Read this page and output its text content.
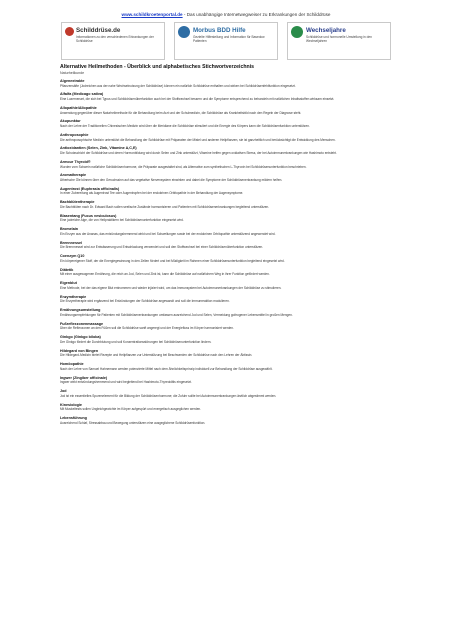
www.schildkroetenportal.de - Das unabhängige Internetwegweiser zu Erkrankungen der Schilddrüse
Schilddrüse.de
Informationen zu den verschiedenen Erkrankungen der Schilddrüse
Morbus BDD Hilfe
Gezielte Hilfestellung und Information für Basedow Patienten
Wechseljahre
Schilddrüse und hormonelle Umstellung in den Wechseljahren
Alternative Heilmethoden - Überblick und alphabetisches Stichwortverzeichnis
Naturheilkunde
Algenextrakte
Pflanzensäfte (Jodreichen aus der nahe Wechselnutzung der Schilddrüse) können ein natürlich Schilddrüse enthalten und wirken bei Schilddrüsenfehlfunktion eingesetzt.
Alfalfa (Medicago sativa)
Eine Luzernenart, die sich bei Typus und Schilddrüsenüberfunktion auch bei der Stoffwechsel bessern und die Symptome entsprechend zu behandeln mit natürlichen Inhaltsstoffen wirksam einsetzt.
Allopathie/Allopathie
Anwendung gegenüber dieser Naturheilmethode für die Behandlung beim Arzt und der Schulmedizin, die Schilddrüse als Krankheitsbild nach den Regeln der Diagnose steht.
Akupunktur
Nach der Lehre der Traditionellen Chinesischen Medizin wird über die Meridiane die Schilddrüse stimuliert und die Energie des Körpers kann die Schilddrüsenfunktion unterstützen.
Anthroposophie
Die anthroposophische Medizin unterstützt die Behandlung der Schilddrüse mit Präparaten der Mistel und anderen Heilpflanzen, sie ist ganzheitlich und berücksichtigt die Entwicklung des Menschen.
Antioxidantien (Selen, Zink, Vitamine A,C,E)
Die Schutzschicht der Schilddrüse und deren Hormonbildung wird durch Selen und Zink unterstützt, Vitamine helfen gegen oxidativen Stress, der bei Autoimmunerkrankungen wie Hashimoto entsteht.
Armour Thyroid®
Wurden vom Schwein natürliche Schilddrüsenhormone, die Präparate ausgestaltet sind, als Alternative zum synthetischen L-Thyroxin bei Schilddrüsenunterfunktion beschrieben.
Aromatherapie
Ätherische Öle können über den Geruchssinn auf das vegetative Nervensystem einwirken und dabei die Symptome der Schilddrüsenerkrankung mildern helfen.
Augentrost (Euphrasia officinalis)
In einer Zubereitung als Augentrost Tee oder Augentropfen bei der endokrinen Orbitopathie in der Behandlung der Augensymptome.
Bachblütentherapie
Die Bachblüten nach Dr. Edward Bach sollen seelische Zustände harmonisieren und Patienten mit Schilddrüsenerkrankungen begleitend unterstützen.
Blasentang (Fucus vesiculosus)
Eine jodreiche Alge, die von Heilpraktikern bei Schilddrüsenunterfunktion eingesetzt wird.
Bromelain
Ein Enzym aus der Ananas, das entzündungshemmend wirkt und bei Schwellungen sowie bei der endokrinen Orbitopathie unterstützend angewendet wird.
Brennnessel
Die Brennnessel wird zur Entwässerung und Entschlackung verwendet und soll den Stoffwechsel bei einer Schilddrüsenüberfunktion unterstützen.
Coenzym Q10
Ein körpereigener Stoff, der die Energiegewinnung in den Zellen fördert und bei Müdigkeit im Rahmen einer Schilddrüsenunterfunktion begleitend eingesetzt wird.
Diätetik
Mit einer ausgewogenen Ernährung, die reich an Jod, Selen und Zink ist, kann die Schilddrüse auf natürlichem Weg in ihrer Funktion gefördert werden.
Eigenblut
Eine Methode, bei der das eigene Blut entnommen und wieder injiziert wird, um das Immunsystem bei Autoimmunerkrankungen der Schilddrüse zu stimulieren.
Enzymtherapie
Die Enzymtherapie wird ergänzend bei Entzündungen der Schilddrüse angewandt und soll die Immunreaktion modulieren.
Ernährungsumstellung
Ernährungsempfehlungen für Patienten mit Schilddrüsenerkrankungen umfassen ausreichend Jod und Selen, Vermeidung goitrogener Lebensmittel in großen Mengen.
Fußreflexzonenmassage
Über die Reflexzonen an den Füßen soll die Schilddrüse sanft angeregt und der Energiefluss im Körper harmonisiert werden.
Ginkgo (Ginkgo biloba)
Der Ginkgo fördert die Durchblutung und soll Konzentrationsstörungen bei Schilddrüsenunterfunktion lindern.
Hildegard von Bingen
Die Hildegard-Medizin bietet Rezepte und Heilpflanzen zur Unterstützung bei Beschwerden der Schilddrüse nach den Lehren der Äbtissin.
Homöopathie
Nach der Lehre von Samuel Hahnemann werden potenzierte Mittel nach dem Ähnlichkeitsprinzip individuell zur Behandlung der Schilddrüse ausgewählt.
Ingwer (Zingiber officinale)
Ingwer wirkt entzündungshemmend und wird begleitend bei Hashimoto-Thyreoiditis eingesetzt.
Jod
Jod ist ein essentielles Spurenelement für die Bildung der Schilddrüsenhormone; die Zufuhr sollte bei Autoimmunerkrankungen ärztlich abgestimmt werden.
Kinesiologie
Mit Muskeltests sollen Ungleichgewichte im Körper aufgespürt und energetisch ausgeglichen werden.
Lebensführung
Ausreichend Schlaf, Stressabbau und Bewegung unterstützen eine ausgeglichene Schilddrüsenfunktion.
